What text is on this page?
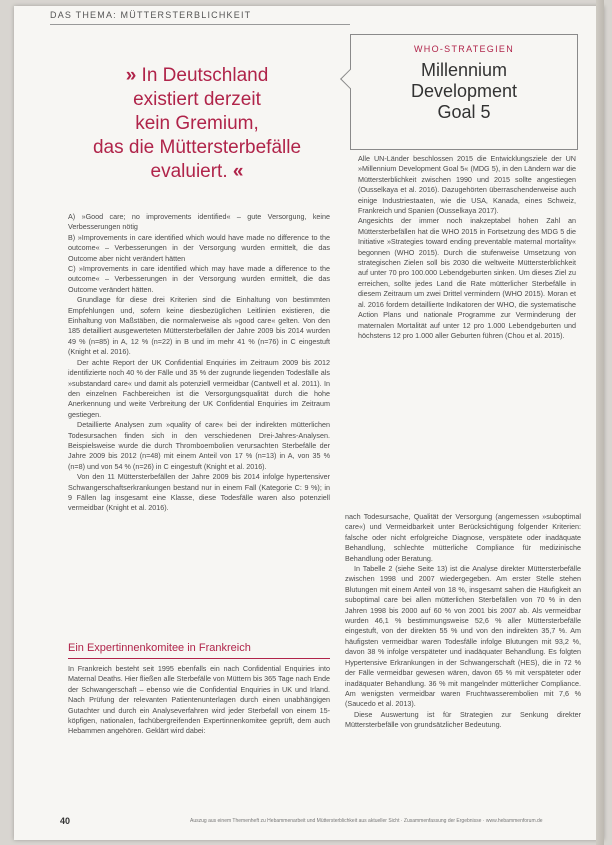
DAS THEMA: MÜTTERSTERBLICHKEIT
» In Deutschland
existiert derzeit
kein Gremium,
das die Müttersterbefälle
evaluiert. «
WHO-STRATEGIEN
Millennium
Development
Goal 5

Alle UN-Länder beschlossen 2015 die Entwicklungsziele der UN »Millennium Development Goal 5« (MDG 5), in den Ländern war die Müttersterblichkeit zwischen 1990 und 2015 sollte angestiegen (Ousselkaya et al. 2016). Dazugehörten überraschenderweise auch einige Industriestaaten, wie die USA, Kanada, eines Schweiz, Frankreich und Spanien (Ousselkaya 2017).

Angesichts der immer noch inakzeptabel hohen Zahl an Müttersterbefällen hat die WHO 2015 in Fortsetzung des MDG 5 die Initiative »Strategies toward ending preventable maternal mortality« begonnen (WHO 2015). Durch die stufenweise Umsetzung von strategischen Zielen soll bis 2030 die weltweite Müttersterblichkeit auf unter 70 pro 100.000 Lebendgeburten sinken. Um dieses Ziel zu erreichen, sollte jedes Land die Rate mütterlicher Sterbefälle in diesem Zeitraum um zwei Drittel vermindern (WHO 2015). Moran et al. 2016 fordern detaillierte Indikatoren der WHO, die systematische Action Plans und nationale Programme zur Verminderung der maternalen Mortalität auf unter 12 pro 1.000 Lebendgeburten und höchstens 12 pro 1.000 aller Geburten führen (Chou et al. 2015).

A) »Good care; no improvements identified« – gute Versorgung, keine Verbesserungen nötig

B) »Improvements in care identified which would have made no difference to the outcome« – Verbesserungen in der Versorgung wurden ermittelt, die das Outcome aber nicht verändert hätten

C) »Improvements in care identified which may have made a difference to the outcome« – Verbesserungen in der Versorgung wurden ermittelt, die das Outcome verändert hätten.

Grundlage für diese drei Kriterien sind die Einhaltung von bestimmten Empfehlungen und, sofern keine diesbezüglichen Leitlinien existieren, die Einhaltung von Maßstäben, die normalerweise als »good care« gelten. Von den 185 detailliert ausgewerteten Müttersterbefällen der Jahre 2009 bis 2014 wurden 49 % (n=85) in A, 12 % (n=22) in B und im mehr 41 % (n=76) in C eingestuft (Knight et al. 2016).

Der achte Report der UK Confidential Enquiries im Zeitraum 2009 bis 2012 identifizierte noch 40 % der Fälle und 35 % der zugrunde liegenden Todesfälle als »substandard care« und damit als potenziell vermeidbar (Cantwell et al. 2011). In den einzelnen Fachbereichen ist die Versorgungsqualität durch die hohe Anerkennung und weite Verbreitung der UK Confidential Enquiries im Zeitraum gestiegen.

Detaillierte Analysen zum »quality of care« bei der indirekten mütterlichen Todesursachen finden sich in den verschiedenen Drei-Jahres-Analysen. Beispielsweise wurde die durch Thromboembolien verursachten Sterbefälle der Jahre 2009 bis 2012 (n=48) mit einem Anteil von 17 % (n=13) in A, von 35 % (n=8) und von 54 % (n=26) in C eingestuft (Knight et al. 2016).

Von den 11 Müttersterbefällen der Jahre 2009 bis 2014 infolge hypertensiver Schwangerschaftserkrankungen bestand nur in einem Fall (Kategorie C: 9 %); in 9 Fällen lag insgesamt eine Klasse, diese Todesfälle waren also potenziell vermeidbar (Knight et al. 2016).

Ein Expertinnenkomitee in Frankreich

In Frankreich besteht seit 1995 ebenfalls ein nach Confidential Enquiries into Maternal Deaths. Hier fließen alle Sterbefälle von Müttern bis 365 Tage nach Ende der Schwangerschaft – ebenso wie die Confidential Enquiries in UK und Irland. Nach Prüfung der relevanten Patientenunterlagen durch einen unabhängigen Gutachter und durch ein Analyseverfahren wird jeder Sterbefall von einem 15-köpfigen, nationalen, fachübergreifenden Expertinnenkomitee geprüft, dem auch Hebammen angehören. Geklärt wird dabei:

nach Todesursache, Qualität der Versorgung (angemessen »suboptimal care«) und Vermeidbarkeit unter Berücksichtigung folgender Kriterien: falsche oder nicht erfolgreiche Diagnose, verspätete oder inadäquate Behandlung, schlechte mütterliche Compliance für medizinische Behandlung oder Beratung.

In Tabelle 2 (siehe Seite 13) ist die Analyse direkter Müttersterbefälle zwischen 1998 und 2007 wiedergegeben. Am erster Stelle stehen Blutungen mit einem Anteil von 18 %, insgesamt sahen die Häufigkeit an suboptimal care bei allen mütterlichen Sterbefällen von 70 % in den Jahren 1998 bis 2000 auf 60 % von 2001 bis 2007 ab. Als vermeidbar wurden 46,1 % bestimmungsweise 52,6 % aller Müttersterbefälle eingestuft, von der direkten 55 % und von den indirekten 35,7 %. Am häufigsten vermeidbar waren Todesfälle infolge Blutungen mit 93,2 %, davon 38 % infolge verspäteter und inadäquater Behandlung. Es folgten Hypertensive Erkrankungen in der Schwangerschaft (HES), die in 72 % der Fälle vermeidbar gewesen wären, davon 65 % mit verspäteter oder inadäquater Behandlung. 36 % mit mangelnder mütterlicher Compliance. Am wenigsten vermeidbar waren Fruchtwasserembolien mit 7,6 % (Saucedo et al. 2013).

Diese Auswertung ist für Strategien zur Senkung direkter Müttersterbefälle von grundsätzlicher Bedeutung.

40	Auszug aus einem Themenheft zu Hebammenarbeit und Müttersterblichkeit aus aktueller Sicht · Zusammenfassung der Ergebnisse · www.hebammenforum.de
